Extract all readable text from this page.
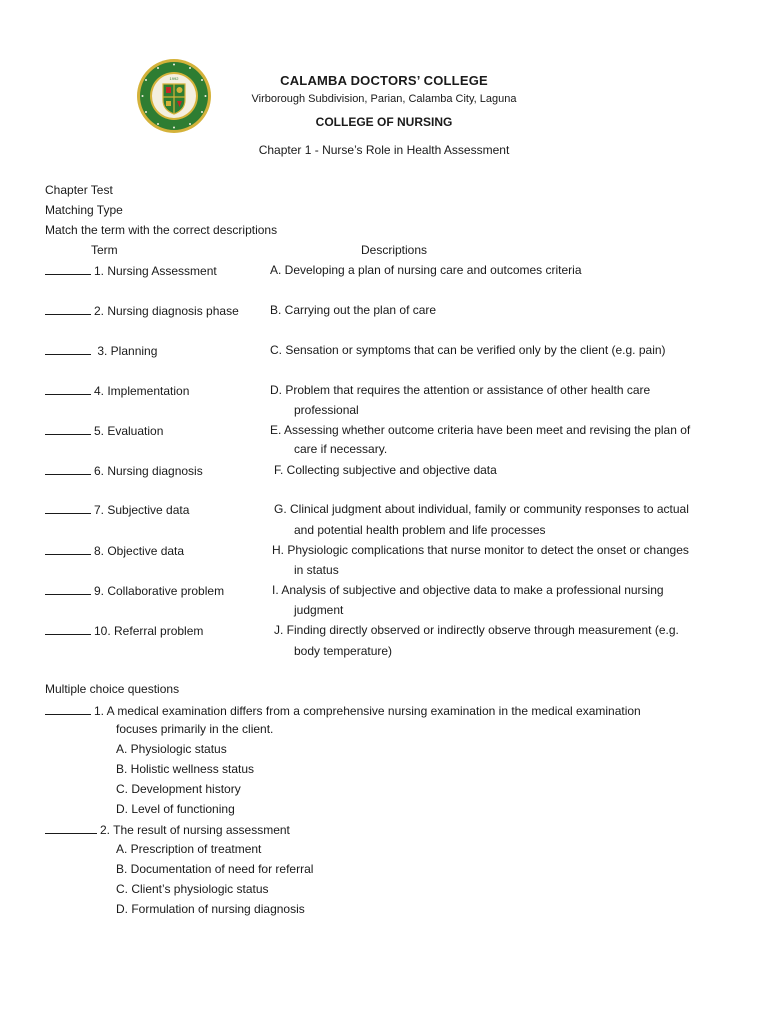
1992	CALAMBA DOCTORS’ COLLEGE
Virborough Subdivision, Parian, Calamba City, Laguna
COLLEGE OF NURSING
Chapter 1 - Nurse’s Role in Health Assessment
Chapter Test
Matching Type
Match the term with the correct descriptions
Term	Descriptions
1. Nursing Assessment	A. Developing a plan of nursing care and outcomes criteria
2. Nursing diagnosis phase	B. Carrying out the plan of care
3. Planning	C. Sensation or symptoms that can be verified only by the client (e.g. pain)
4. Implementation	D. Problem that requires the attention or assistance of other health care
professional
5. Evaluation	E. Assessing whether outcome criteria have been meet and revising the plan of
care if necessary.
6. Nursing diagnosis	F. Collecting subjective and objective data
7. Subjective data	G. Clinical judgment about individual, family or community responses to actual
and potential health problem and life processes
8. Objective data	H. Physiologic complications that nurse monitor to detect the onset or changes
in status
9. Collaborative problem	I. Analysis of subjective and objective data to make a professional nursing
judgment
10. Referral problem	J. Finding directly observed or indirectly observe through measurement (e.g.
body temperature)
Multiple choice questions
1. A medical examination differs from a comprehensive nursing examination in the medical examination
focuses primarily in the client.
A. Physiologic status
B. Holistic wellness status
C. Development history
D. Level of functioning
2. The result of nursing assessment
A. Prescription of treatment
B. Documentation of need for referral
C. Client’s physiologic status
D. Formulation of nursing diagnosis
